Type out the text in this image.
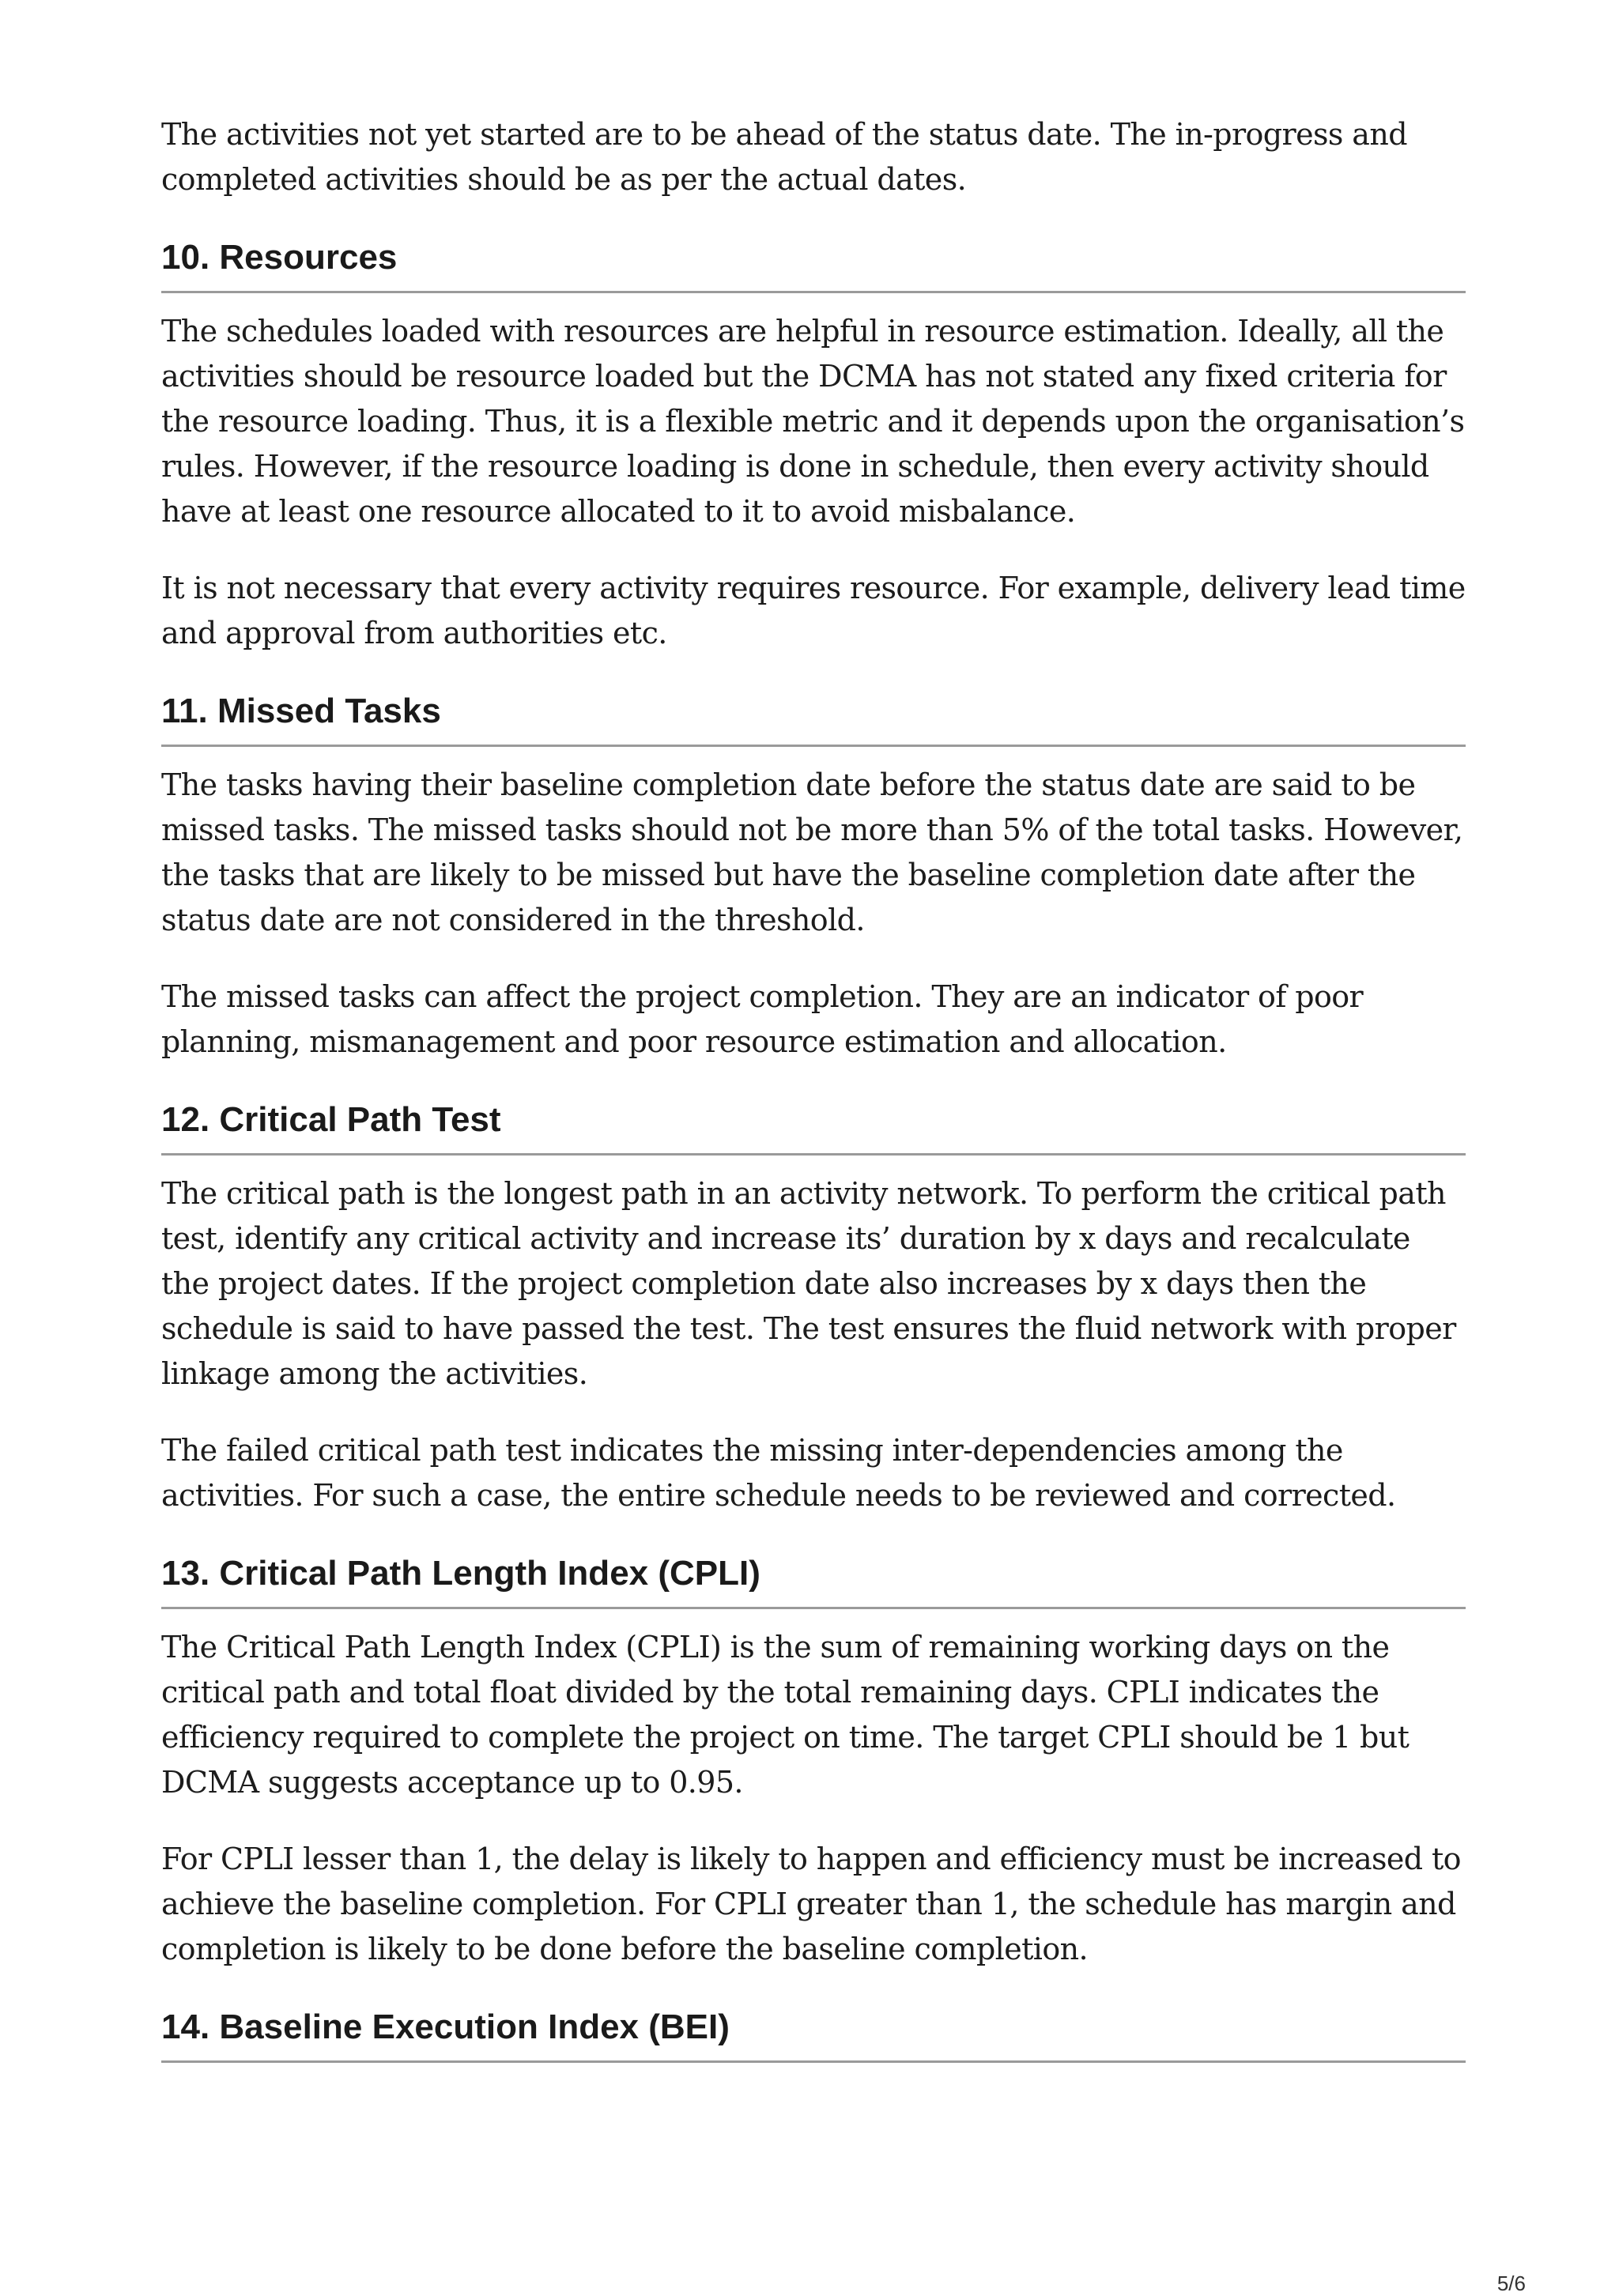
The activities not yet started are to be ahead of the status date. The in-progress and completed activities should be as per the actual dates.

10. Resources

The schedules loaded with resources are helpful in resource estimation. Ideally, all the activities should be resource loaded but the DCMA has not stated any fixed criteria for the resource loading. Thus, it is a flexible metric and it depends upon the organisation’s rules. However, if the resource loading is done in schedule, then every activity should have at least one resource allocated to it to avoid misbalance.

It is not necessary that every activity requires resource. For example, delivery lead time and approval from authorities etc.

11. Missed Tasks

The tasks having their baseline completion date before the status date are said to be missed tasks. The missed tasks should not be more than 5% of the total tasks. However, the tasks that are likely to be missed but have the baseline completion date after the status date are not considered in the threshold.

The missed tasks can affect the project completion. They are an indicator of poor planning, mismanagement and poor resource estimation and allocation.

12. Critical Path Test

The critical path is the longest path in an activity network. To perform the critical path test, identify any critical activity and increase its’ duration by x days and recalculate the project dates. If the project completion date also increases by x days then the schedule is said to have passed the test. The test ensures the fluid network with proper linkage among the activities.

The failed critical path test indicates the missing inter-dependencies among the activities. For such a case, the entire schedule needs to be reviewed and corrected.

13. Critical Path Length Index (CPLI)

The Critical Path Length Index (CPLI) is the sum of remaining working days on the critical path and total float divided by the total remaining days. CPLI indicates the efficiency required to complete the project on time. The target CPLI should be 1 but DCMA suggests acceptance up to 0.95.

For CPLI lesser than 1, the delay is likely to happen and efficiency must be increased to achieve the baseline completion. For CPLI greater than 1, the schedule has margin and completion is likely to be done before the baseline completion.

14. Baseline Execution Index (BEI)
5/6
